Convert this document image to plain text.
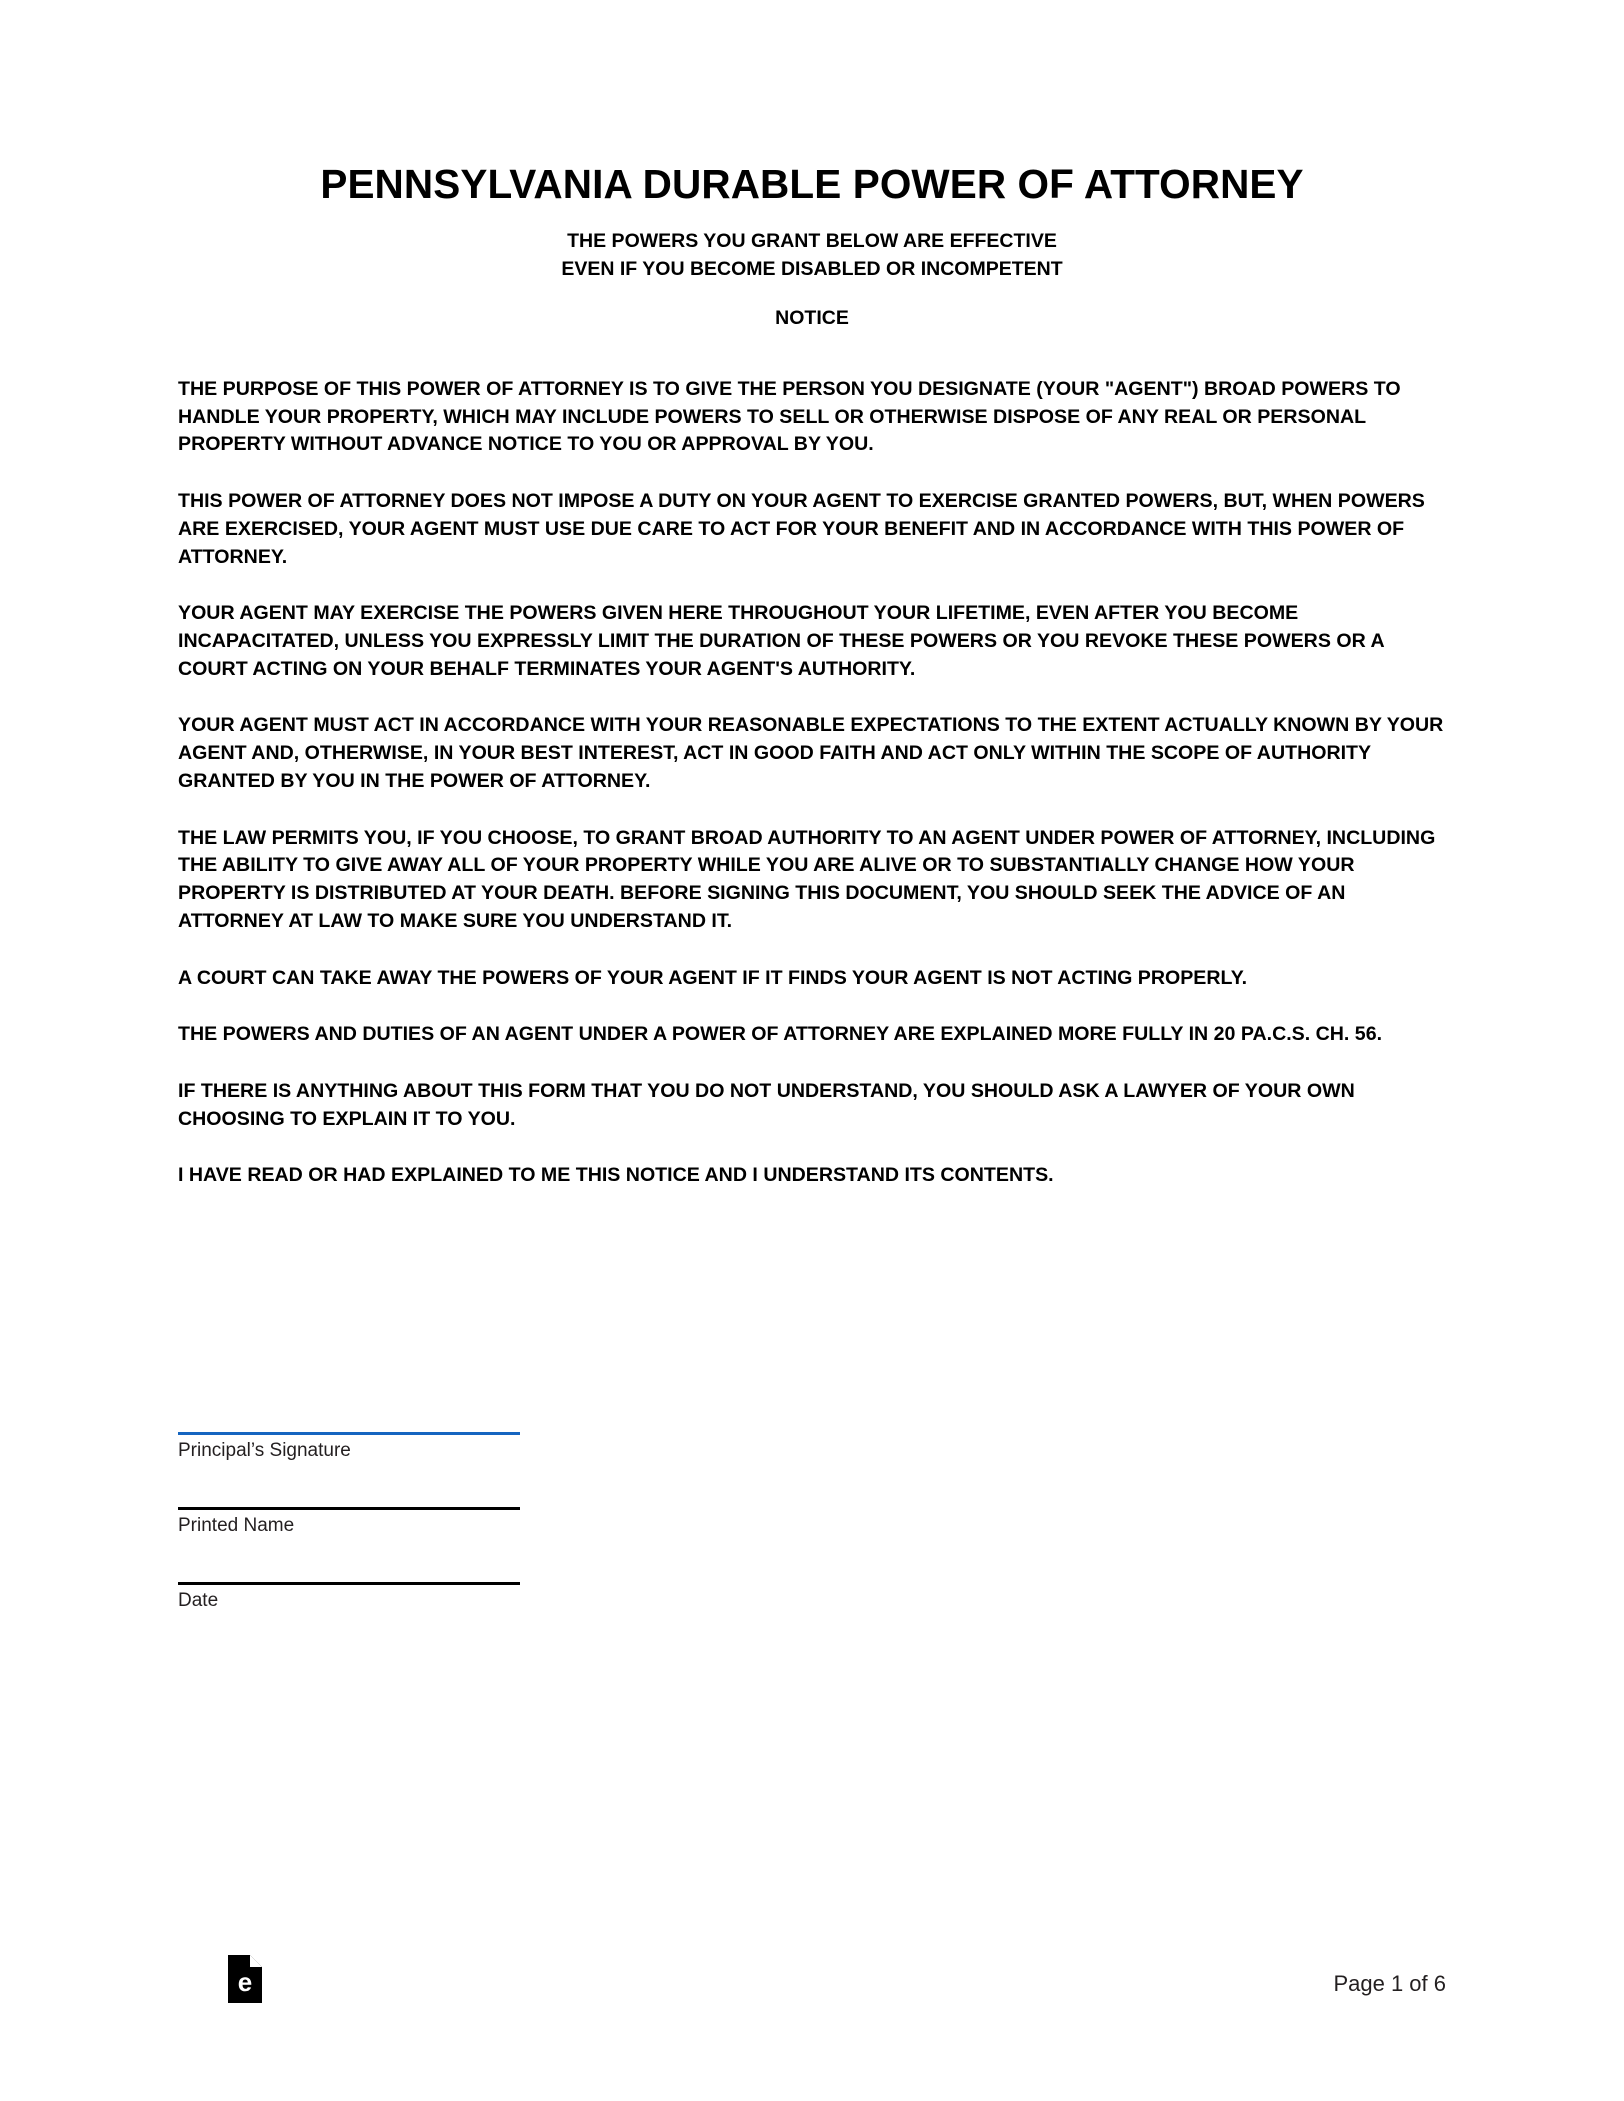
PENNSYLVANIA DURABLE POWER OF ATTORNEY
THE POWERS YOU GRANT BELOW ARE EFFECTIVE
EVEN IF YOU BECOME DISABLED OR INCOMPETENT
NOTICE

THE PURPOSE OF THIS POWER OF ATTORNEY IS TO GIVE THE PERSON YOU DESIGNATE (YOUR "AGENT") BROAD POWERS TO HANDLE YOUR PROPERTY, WHICH MAY INCLUDE POWERS TO SELL OR OTHERWISE DISPOSE OF ANY REAL OR PERSONAL PROPERTY WITHOUT ADVANCE NOTICE TO YOU OR APPROVAL BY YOU.

THIS POWER OF ATTORNEY DOES NOT IMPOSE A DUTY ON YOUR AGENT TO EXERCISE GRANTED POWERS, BUT, WHEN POWERS ARE EXERCISED, YOUR AGENT MUST USE DUE CARE TO ACT FOR YOUR BENEFIT AND IN ACCORDANCE WITH THIS POWER OF ATTORNEY.

YOUR AGENT MAY EXERCISE THE POWERS GIVEN HERE THROUGHOUT YOUR LIFETIME, EVEN AFTER YOU BECOME INCAPACITATED, UNLESS YOU EXPRESSLY LIMIT THE DURATION OF THESE POWERS OR YOU REVOKE THESE POWERS OR A COURT ACTING ON YOUR BEHALF TERMINATES YOUR AGENT'S AUTHORITY.

YOUR AGENT MUST ACT IN ACCORDANCE WITH YOUR REASONABLE EXPECTATIONS TO THE EXTENT ACTUALLY KNOWN BY YOUR AGENT AND, OTHERWISE, IN YOUR BEST INTEREST, ACT IN GOOD FAITH AND ACT ONLY WITHIN THE SCOPE OF AUTHORITY GRANTED BY YOU IN THE POWER OF ATTORNEY.

THE LAW PERMITS YOU, IF YOU CHOOSE, TO GRANT BROAD AUTHORITY TO AN AGENT UNDER POWER OF ATTORNEY, INCLUDING THE ABILITY TO GIVE AWAY ALL OF YOUR PROPERTY WHILE YOU ARE ALIVE OR TO SUBSTANTIALLY CHANGE HOW YOUR PROPERTY IS DISTRIBUTED AT YOUR DEATH. BEFORE SIGNING THIS DOCUMENT, YOU SHOULD SEEK THE ADVICE OF AN ATTORNEY AT LAW TO MAKE SURE YOU UNDERSTAND IT.

A COURT CAN TAKE AWAY THE POWERS OF YOUR AGENT IF IT FINDS YOUR AGENT IS NOT ACTING PROPERLY.

THE POWERS AND DUTIES OF AN AGENT UNDER A POWER OF ATTORNEY ARE EXPLAINED MORE FULLY IN 20 PA.C.S. CH. 56.

IF THERE IS ANYTHING ABOUT THIS FORM THAT YOU DO NOT UNDERSTAND, YOU SHOULD ASK A LAWYER OF YOUR OWN CHOOSING TO EXPLAIN IT TO YOU.

I HAVE READ OR HAD EXPLAINED TO ME THIS NOTICE AND I UNDERSTAND ITS CONTENTS.

Principal’s Signature
Printed Name
Date
e	Page 1 of 6
